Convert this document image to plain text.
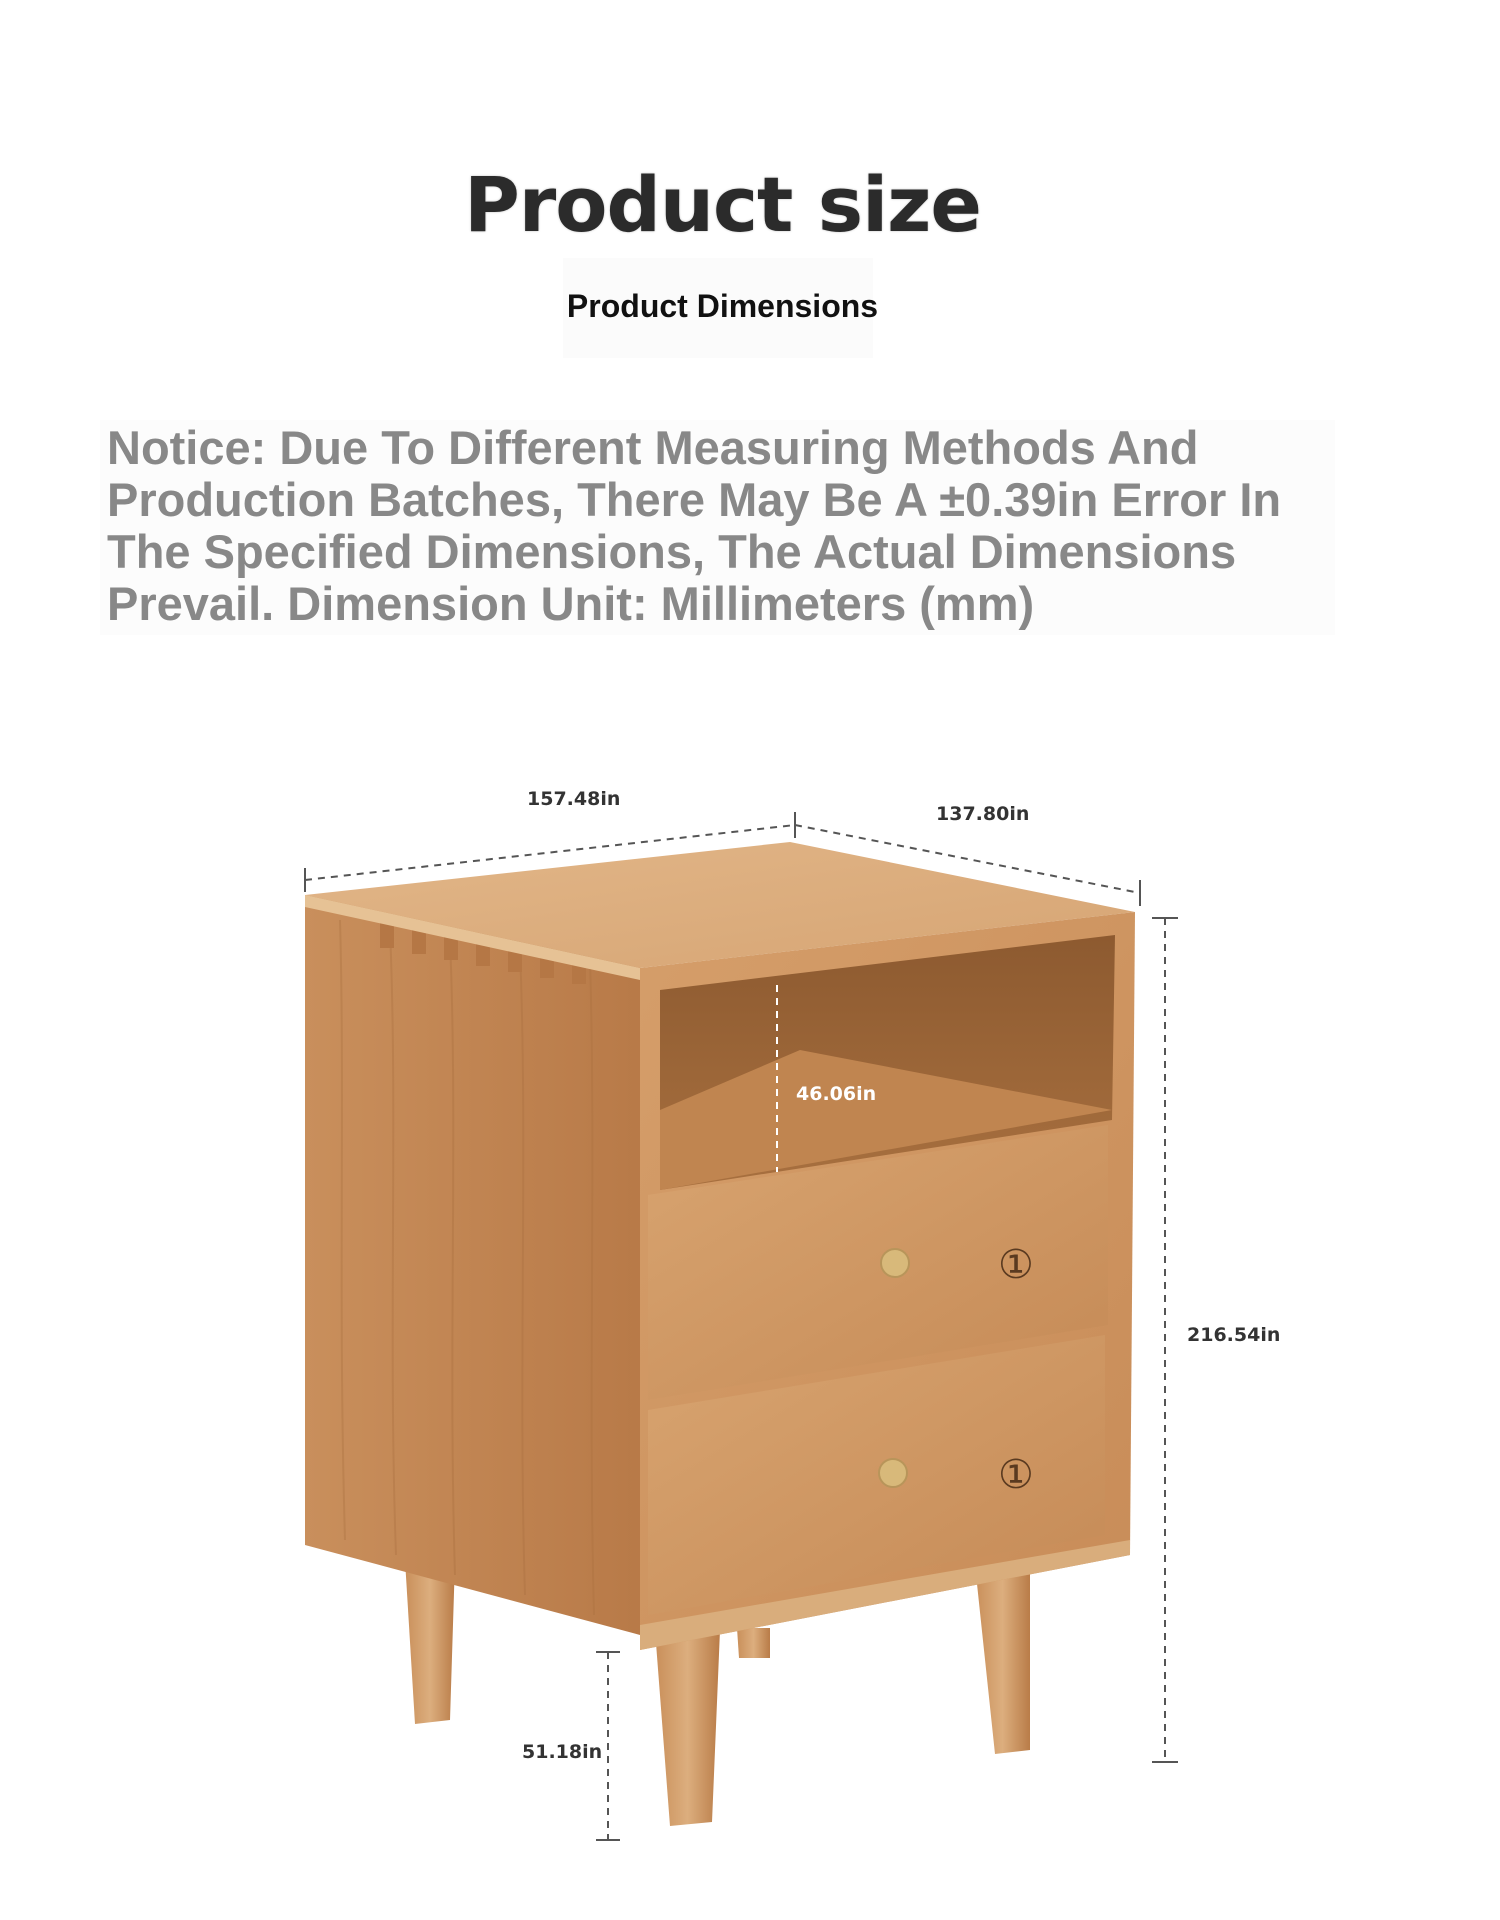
Product size
Product Dimensions

Notice: Due To Different Measuring Methods And Production Batches, There May Be A ±0.39in Error In The Specified Dimensions, The Actual Dimensions Prevail. Dimension Unit: Millimeters (mm)

①
①
157.48in
137.80in
216.54in
46.06in
51.18in
